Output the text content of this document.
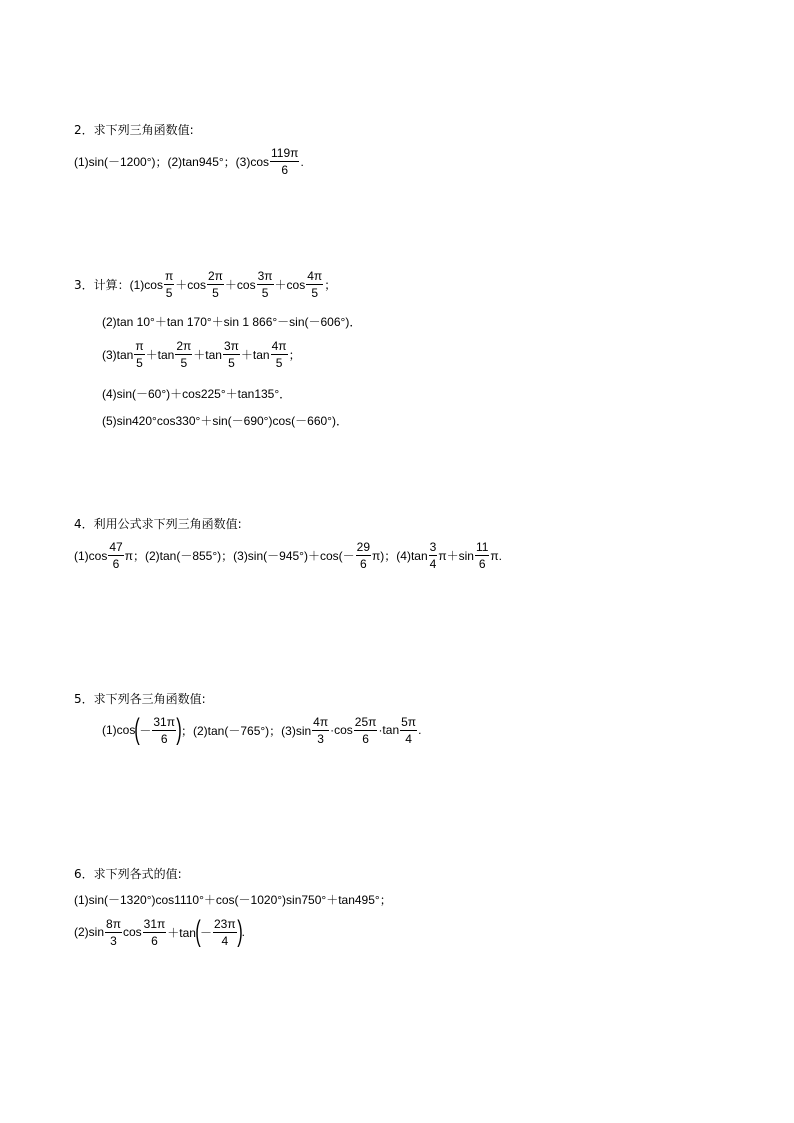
2．求下列三角函数值:
(1)sin(－1200°)；(2)tan945°；$(3)\cos \frac{119\pi}{6}$ .
3．计算： $(1)\cos \frac{\pi}{5} +\cos \frac{2\pi}{5} +\cos \frac{3\pi}{5} +\cos \frac{4\pi}{5}$ ；
(2)tan 10°＋tan 170°＋sin 1 866°－sin(－606°)．
$(3)\tan \frac{\pi}{5} +\tan \frac{2\pi}{5} +\tan \frac{3\pi}{5} +\tan \frac{4\pi}{5}$ ；
(4)sin(－60°)＋cos225°＋tan135°．
(5)sin420°cos330°＋sin(－690°)cos(－660°)．
4．利用公式求下列三角函数值:
$(1)\cos \frac{47}{6}$ π；(2)tan(－855°)；$(3)\sin(-945^\circ)+\cos(- \frac{29}{6} \pi)$；$(4)\tan \frac{3}{4} \pi+\sin \frac{11}{6} \pi$.
5．求下列各三角函数值:
(1)cos ( － $\frac{31\pi}{6}$ ) ；(2)tan(－765°)；$(3)\sin \frac{4\pi}{3} \cdot\cos \frac{25\pi}{6} \cdot\tan \frac{5\pi}{4}$ .
6．求下列各式的值:
(1)sin(－1320°)cos1110°＋cos(－1020°)sin750°＋tan495°；
$(2)\sin \frac{8\pi}{3}$ $\cos \frac{31\pi}{6} +\tan$ ( － $\frac{23\pi}{4}$ ) .
